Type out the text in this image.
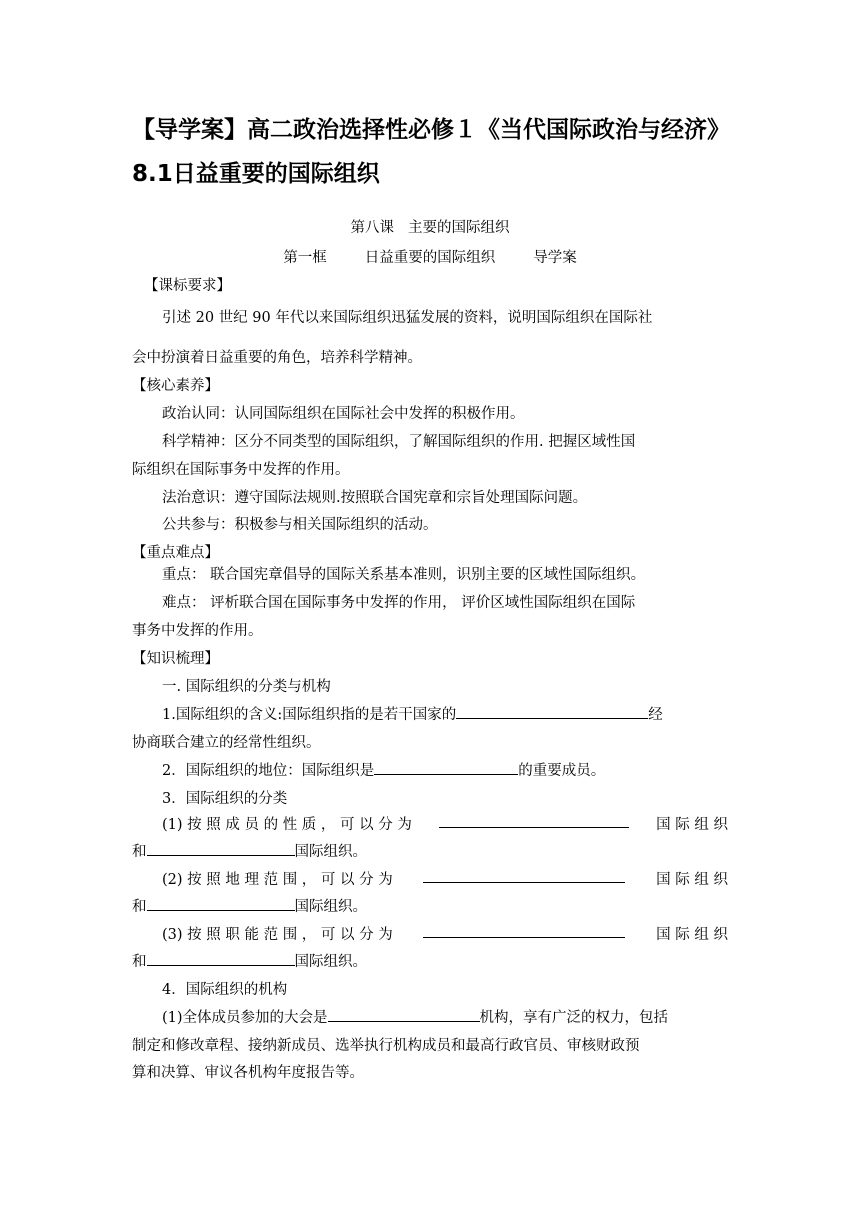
【导学案】高二政治选择性必修１《当代国际政治与经济》8.1日益重要的国际组织
第八课 主要的国际组织
第一框	日益重要的国际组织	导学案
【课标要求】
引述 20 世纪 90 年代以来国际组织迅猛发展的资料，说明国际组织在国际社
会中扮演着日益重要的角色，培养科学精神。
【核心素养】
政治认同：认同国际组织在国际社会中发挥的积极作用。
科学精神：区分不同类型的国际组织，了解国际组织的作用. 把握区域性国
际组织在国际事务中发挥的作用。
法治意识：遵守国际法规则.按照联合国宪章和宗旨处理国际问题。
公共参与：积极参与相关国际组织的活动。
【重点难点】
重点： 联合国宪章倡导的国际关系基本准则，识别主要的区域性国际组织。
难点： 评析联合国在国际事务中发挥的作用， 评价区域性国际组织在国际
事务中发挥的作用。
【知识梳理】
一. 国际组织的分类与机构
1.国际组织的含义:国际组织指的是若干国家的	经
协商联合建立的经常性组织。
2．国际组织的地位：国际组织是	的重要成员。
3．国际组织的分类
(1) 按 照 成 员 的 性 质 ， 可 以 分 为	国 际 组 织
和	国际组织。
(2) 按 照 地 理 范 围 ， 可 以 分 为	国 际 组 织
和	国际组织。
(3) 按 照 职 能 范 围 ， 可 以 分 为	国 际 组 织
和	国际组织。
4．国际组织的机构
(1)全体成员参加的大会是	机构，享有广泛的权力，包括
制定和修改章程、接纳新成员、选举执行机构成员和最高行政官员、审核财政预
算和决算、审议各机构年度报告等。
